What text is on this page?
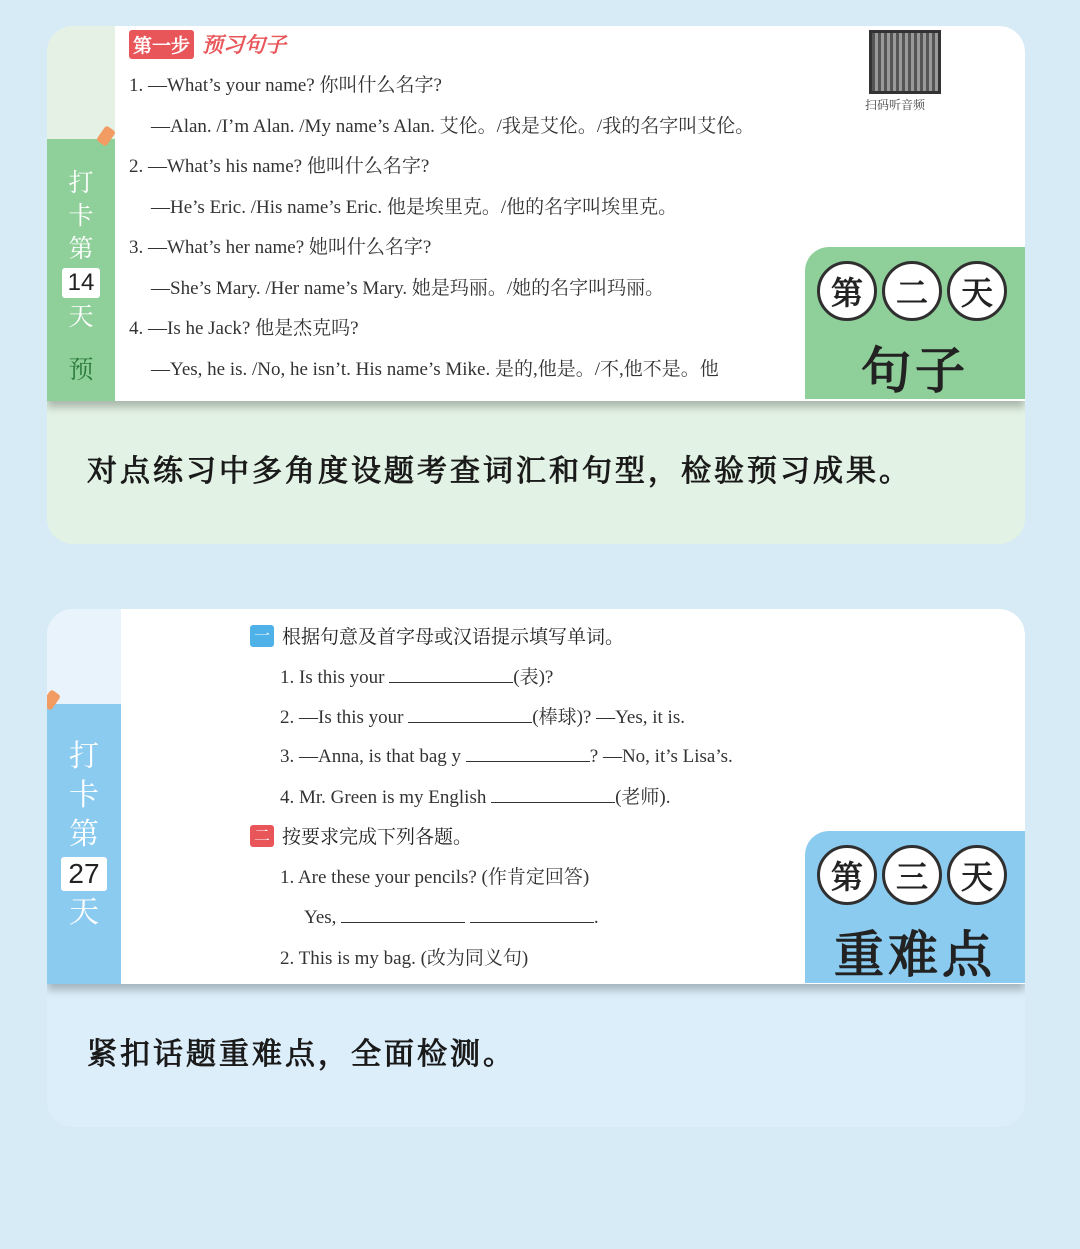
打
卡
第
14
天
预
第一步 预习句子
扫码听音频
1. —What’s your name? 你叫什么名字?
—Alan. /I’m Alan. /My name’s Alan. 艾伦。/我是艾伦。/我的名字叫艾伦。
2. —What’s his name? 他叫什么名字?
—He’s Eric. /His name’s Eric. 他是埃里克。/他的名字叫埃里克。
3. —What’s her name? 她叫什么名字?
—She’s Mary. /Her name’s Mary. 她是玛丽。/她的名字叫玛丽。
4. —Is he Jack? 他是杰克吗?
—Yes, he is. /No, he isn’t. His name’s Mike. 是的,他是。/不,他不是。他
第	二	天
句子
对点练习中多角度设题考查词汇和句型，检验预习成果。
打
卡
第
27
天
一 根据句意及首字母或汉语提示填写单词。
1. Is this your	(表)?
2. —Is this your	(棒球)? —Yes, it is.
3. —Anna, is that bag y	? —No, it’s Lisa’s.
4. Mr. Green is my English	(老师).
二 按要求完成下列各题。
1. Are these your pencils? (作肯定回答)
Yes,	.
2. This is my bag. (改为同义句)
第	三	天
重难点
紧扣话题重难点，全面检测。
